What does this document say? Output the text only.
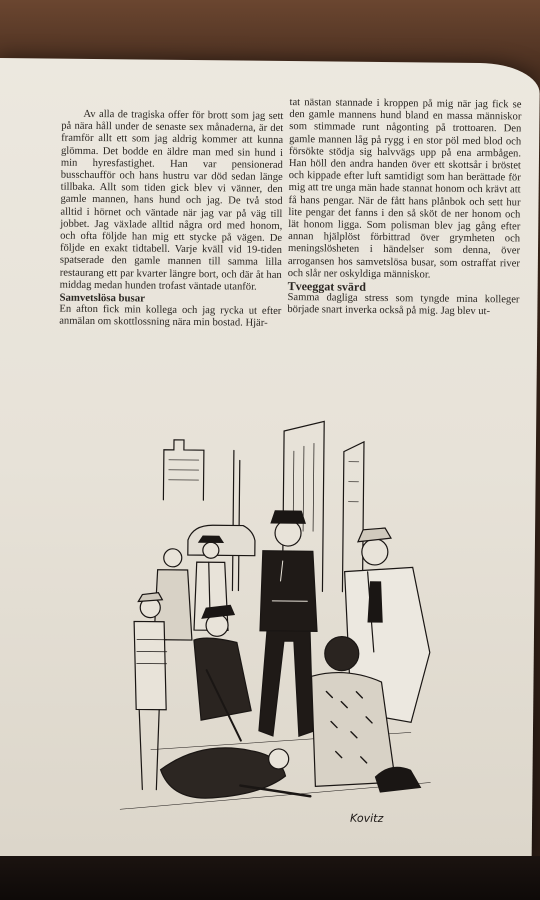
Av alla de tragiska offer för brott som jag sett på nära håll under de senaste sex månaderna, är det framför allt ett som jag aldrig kommer att kunna glömma. Det bodde en äldre man med sin hund i min hyresfastighet. Han var pensionerad busschaufför och hans hustru var död sedan länge tillbaka. Allt som tiden gick blev vi vänner, den gamle mannen, hans hund och jag. De två stod alltid i hörnet och väntade när jag var på väg till jobbet. Jag växlade alltid några ord med honom, och ofta följde han mig ett stycke på vägen. De följde en exakt tidtabell. Varje kväll vid 19-tiden spatserade den gamle mannen till samma lilla restaurang ett par kvarter längre bort, och där åt han middag medan hunden trofast väntade utanför.

Samvetslösa busar

En afton fick min kollega och jag rycka ut efter anmälan om skottlossning nära min bostad. Hjär-

tat nästan stannade i kroppen på mig när jag fick se den gamle mannens hund bland en massa människor som stimmade runt någonting på trottoaren. Den gamle mannen låg på rygg i en stor pöl med blod och försökte stödja sig halvvägs upp på ena armbågen. Han höll den andra handen över ett skottsår i bröstet och kippade efter luft samtidigt som han berättade för mig att tre unga män hade stannat honom och krävt att få hans pengar. När de fått hans plånbok och sett hur lite pengar det fanns i den så sköt de ner honom och lät honom ligga. Som polisman blev jag gång efter annan hjälplöst förbittrad över grymheten och meningslösheten i händelser som denna, över arrogansen hos samvetslösa busar, som ostraffat river och slår ner oskyldiga människor.

Tveeggat svärd

Samma dagliga stress som tyngde mina kolleger började snart inverka också på mig. Jag blev ut-

Kovitz
